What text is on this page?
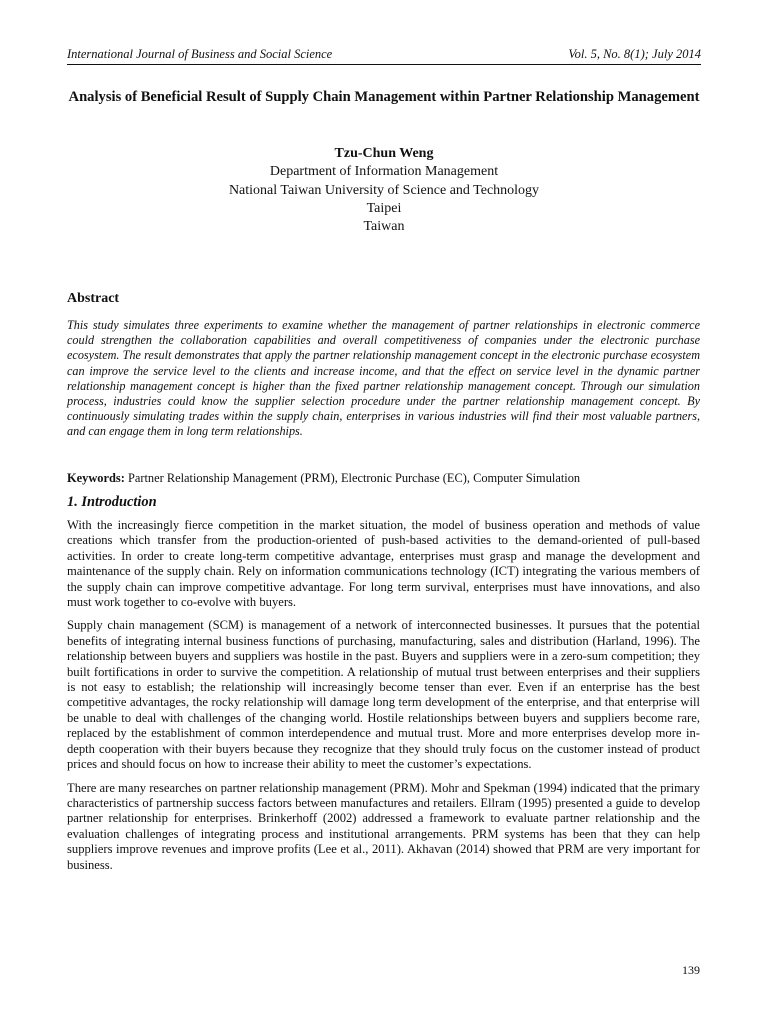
International Journal of Business and Social Science	Vol. 5, No. 8(1); July 2014
Analysis of Beneficial Result of Supply Chain Management within Partner Relationship Management
Tzu-Chun Weng
Department of Information Management
National Taiwan University of Science and Technology
Taipei
Taiwan
Abstract

This study simulates three experiments to examine whether the management of partner relationships in electronic commerce could strengthen the collaboration capabilities and overall competitiveness of companies under the electronic purchase ecosystem. The result demonstrates that apply the partner relationship management concept in the electronic purchase ecosystem can improve the service level to the clients and increase income, and that the effect on service level in the dynamic partner relationship management concept is higher than the fixed partner relationship management concept. Through our simulation process, industries could know the supplier selection procedure under the partner relationship management concept. By continuously simulating trades within the supply chain, enterprises in various industries will find their most valuable partners, and can engage them in long term relationships.

Keywords: Partner Relationship Management (PRM), Electronic Purchase (EC), Computer Simulation

1. Introduction

With the increasingly fierce competition in the market situation, the model of business operation and methods of value creations which transfer from the production-oriented of push-based activities to the demand-oriented of pull-based activities. In order to create long-term competitive advantage, enterprises must grasp and manage the development and maintenance of the supply chain. Rely on information communications technology (ICT) integrating the various members of the supply chain can improve competitive advantage. For long term survival, enterprises must have innovations, and also must work together to co-evolve with buyers.

Supply chain management (SCM) is management of a network of interconnected businesses. It pursues that the potential benefits of integrating internal business functions of purchasing, manufacturing, sales and distribution (Harland, 1996). The relationship between buyers and suppliers was hostile in the past. Buyers and suppliers were in a zero-sum competition; they built fortifications in order to survive the competition. A relationship of mutual trust between enterprises and their suppliers is not easy to establish; the relationship will increasingly become tenser than ever. Even if an enterprise has the best competitive advantages, the rocky relationship will damage long term development of the enterprise, and that enterprise will be unable to deal with challenges of the changing world. Hostile relationships between buyers and suppliers become rare, replaced by the establishment of common interdependence and mutual trust. More and more enterprises develop more in-depth cooperation with their buyers because they recognize that they should truly focus on the customer instead of product prices and should focus on how to increase their ability to meet the customer’s expectations.

There are many researches on partner relationship management (PRM). Mohr and Spekman (1994) indicated that the primary characteristics of partnership success factors between manufactures and retailers. Ellram (1995) presented a guide to develop partner relationship for enterprises. Brinkerhoff (2002) addressed a framework to evaluate partner relationship and the evaluation challenges of integrating process and institutional arrangements. PRM systems has been that they can help suppliers improve revenues and improve profits (Lee et al., 2011). Akhavan (2014) showed that PRM are very important for business.

139
